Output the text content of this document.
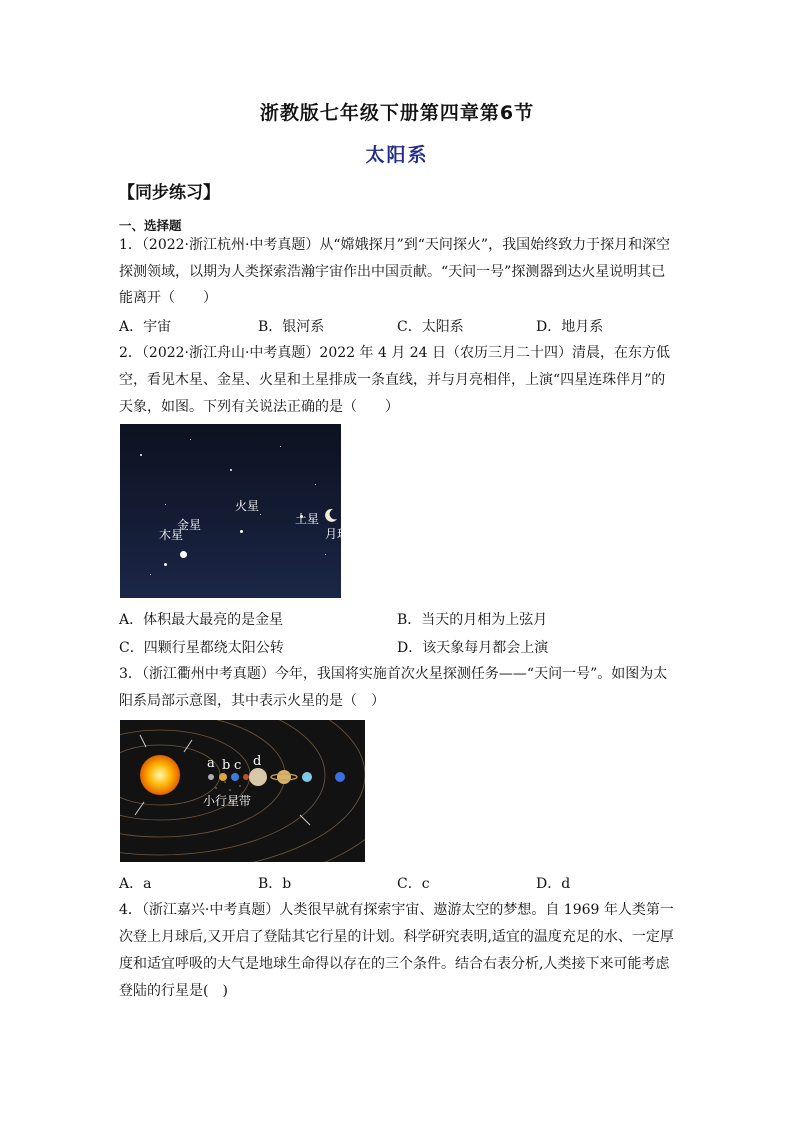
浙教版七年级下册第四章第6节
太阳系
【同步练习】
一、选择题
1．（2022·浙江杭州·中考真题）从“嫦娥探月”到“天问探火”，我国始终致力于探月和深空
探测领域，以期为人类探索浩瀚宇宙作出中国贡献。“天问一号”探测器到达火星说明其已
能离开（　　）
A．宇宙	B．银河系	C．太阳系	D．地月系
2．（2022·浙江舟山·中考真题）2022 年 4 月 24 日（农历三月二十四）清晨，在东方低
空，看见木星、金星、火星和土星排成一条直线，并与月亮相伴，上演“四星连珠伴月”的
天象，如图。下列有关说法正确的是（　　）
木星
金星
火星
土星
月球
A．体积最大最亮的是金星	B．当天的月相为上弦月
C．四颗行星都绕太阳公转	D．该天象每月都会上演
3．（浙江衢州中考真题）今年，我国将实施首次火星探测任务——“天问一号”。如图为太
阳系局部示意图，其中表示火星的是（　）
a b c d
小行星带
A．a	B．b	C．c	D．d
4．（浙江嘉兴·中考真题）人类很早就有探索宇宙、遨游太空的梦想。自 1969 年人类第一
次登上月球后,又开启了登陆其它行星的计划。科学研究表明,适宜的温度充足的水、一定厚
度和适宜呼吸的大气是地球生命得以存在的三个条件。结合右表分析,人类接下来可能考虑
登陆的行星是(　)
